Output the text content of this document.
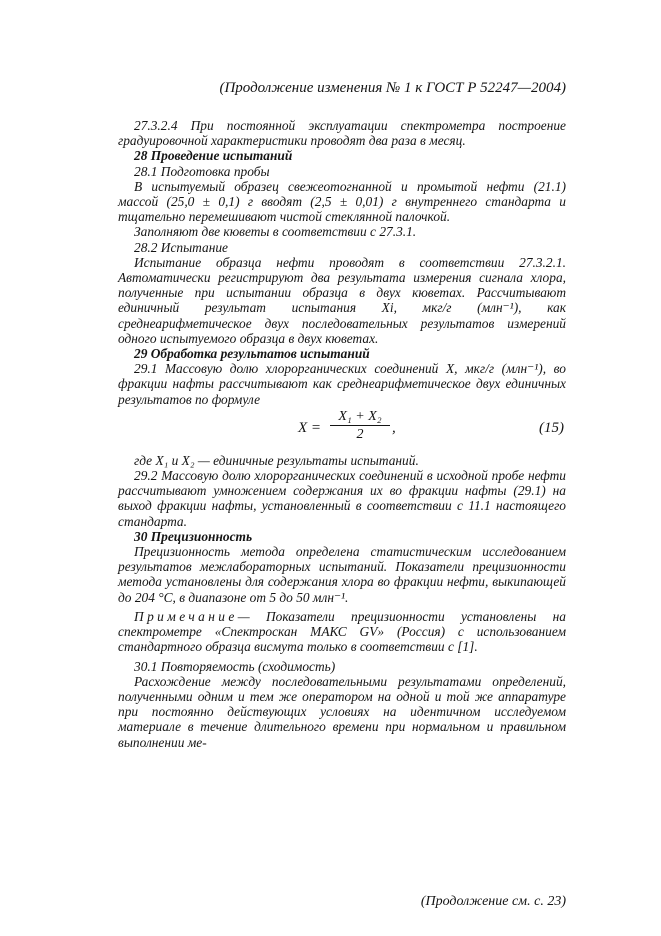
(Продолжение изменения № 1 к ГОСТ Р 52247—2004)

27.3.2.4 При постоянной эксплуатации спектрометра построение градуировочной характеристики проводят два раза в месяц.

28 Проведение испытаний

28.1 Подготовка пробы

В испытуемый образец свежеотогнанной и промытой нефти (21.1) массой (25,0 ± 0,1) г вводят (2,5 ± 0,01) г внутреннего стандарта и тщательно перемешивают чистой стеклянной палочкой.

Заполняют две кюветы в соответствии с 27.3.1.

28.2 Испытание

Испытание образца нефти проводят в соответствии 27.3.2.1. Автоматически регистрируют два результата измерения сигнала хлора, полученные при испытании образца в двух кюветах. Рассчитывают единичный результат испытания Xi, мкг/г (млн⁻¹), как среднеарифметическое двух последовательных результатов измерений одного испытуемого образца в двух кюветах.

29 Обработка результатов испытаний

29.1 Массовую долю хлорорганических соединений X, мкг/г (млн⁻¹), во фракции нафты рассчитывают как среднеарифметическое двух единичных результатов по формуле

$X = \frac{\text{X₁ + X₂}}{2}$ ,	(15)

где X₁ и X₂ — единичные результаты испытаний.

29.2 Массовую долю хлорорганических соединений в исходной пробе нефти рассчитывают умножением содержания их во фракции нафты (29.1) на выход фракции нафты, установленный в соответствии с 11.1 настоящего стандарта.

30 Прецизионность

Прецизионность метода определена статистическим исследованием результатов межлабораторных испытаний. Показатели прецизионности метода установлены для содержания хлора во фракции нефти, выкипающей до 204 °С, в диапазоне от 5 до 50 млн⁻¹.

Примечание— Показатели прецизионности установлены на спектрометре «Спектроскан МАКС GV» (Россия) с использованием стандартного образца висмута только в соответствии с [1].

30.1 Повторяемость (сходимость)

Расхождение между последовательными результатами определений, полученными одним и тем же оператором на одной и той же аппаратуре при постоянно действующих условиях на идентичном исследуемом материале в течение длительного времени при нормальном и правильном выполнении ме-

(Продолжение см. с. 23)
